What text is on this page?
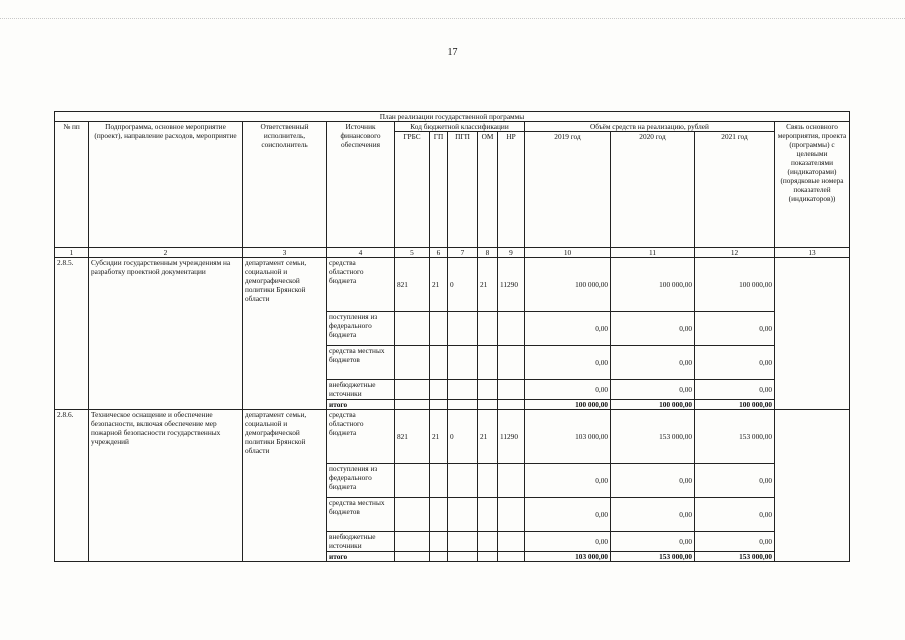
17
План реализации государственной программы												
№ пп	Подпрограмма, основное мероприятие (проект), направление расходов, мероприятие	Ответственный исполнитель, соисполнитель	Источник финансового обеспечения	Код бюджетной классификации					Объём средств на реализацию, рублей			Связь основного мероприятия, проекта (программы) с целевыми показателями (индикаторами) (порядковые номера показателей (индикаторов))
				ГРБС	ГП	ПГП	ОМ	НР	2019 год	2020 год	2021 год	
1	2	3	4	5	6	7	8	9	10	11	12	13
2.8.5.	Субсидии государственным учреждениям на разработку проектной документации	департамент семьи, социальной и демографической политики Брянской области	средства областного бюджета	821	21	0	21	11290	100 000,00	100 000,00	100 000,00	
			поступления из федерального бюджета						0,00	0,00	0,00	
			средства местных бюджетов						0,00	0,00	0,00	
			внебюджетные источники						0,00	0,00	0,00	
			итого						100 000,00	100 000,00	100 000,00	
2.8.6.	Техническое оснащение и обеспечение безопасности, включая обеспечение мер пожарной безопасности государственных учреждений	департамент семьи, социальной и демографической политики Брянской области	средства областного бюджета	821	21	0	21	11290	103 000,00	153 000,00	153 000,00	
			поступления из федерального бюджета						0,00	0,00	0,00	
			средства местных бюджетов						0,00	0,00	0,00	
			внебюджетные источники						0,00	0,00	0,00	
			итого						103 000,00	153 000,00	153 000,00	
